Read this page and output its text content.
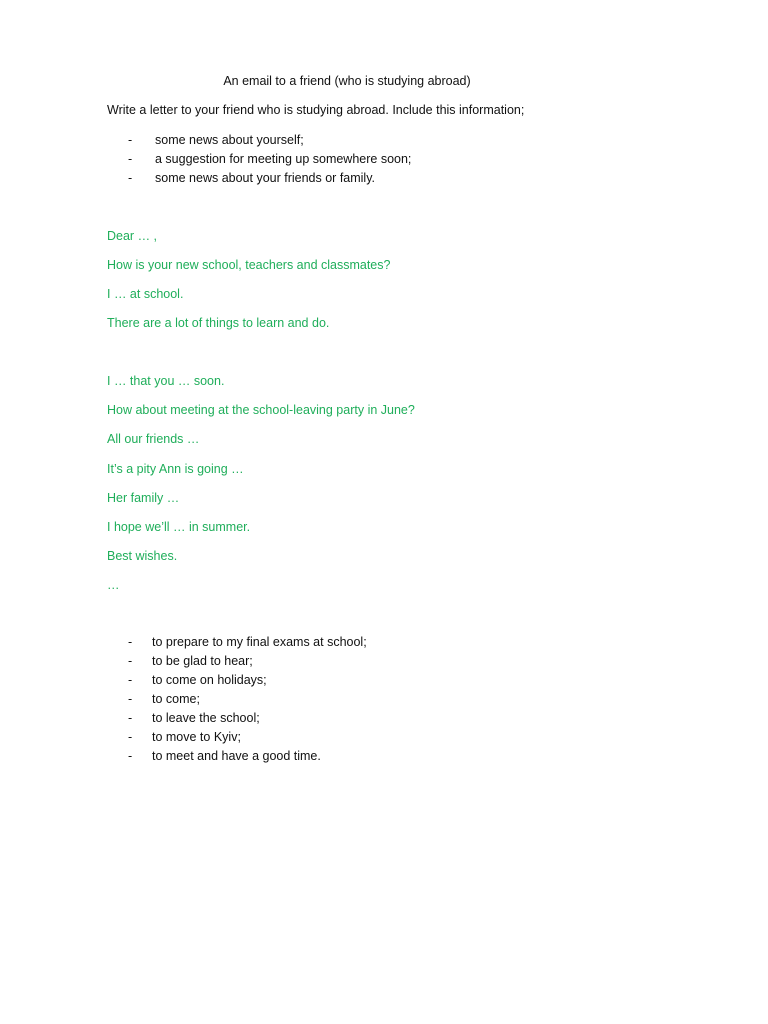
An email to a friend (who is studying abroad)
Write a letter to your friend who is studying abroad. Include this information;
- some news about yourself;
- a suggestion for meeting up somewhere soon;
- some news about your friends or family.
Dear … ,
How is your new school, teachers and classmates?
I … at school.
There are a lot of things to learn and do.
I … that you … soon.
How about meeting at the school-leaving party in June?
All our friends …
It’s a pity Ann is going …
Her family …
I hope we’ll … in summer.
Best wishes.
…
- to prepare to my final exams at school;
- to be glad to hear;
- to come on holidays;
- to come;
- to leave the school;
- to move to Kyiv;
- to meet and have a good time.
